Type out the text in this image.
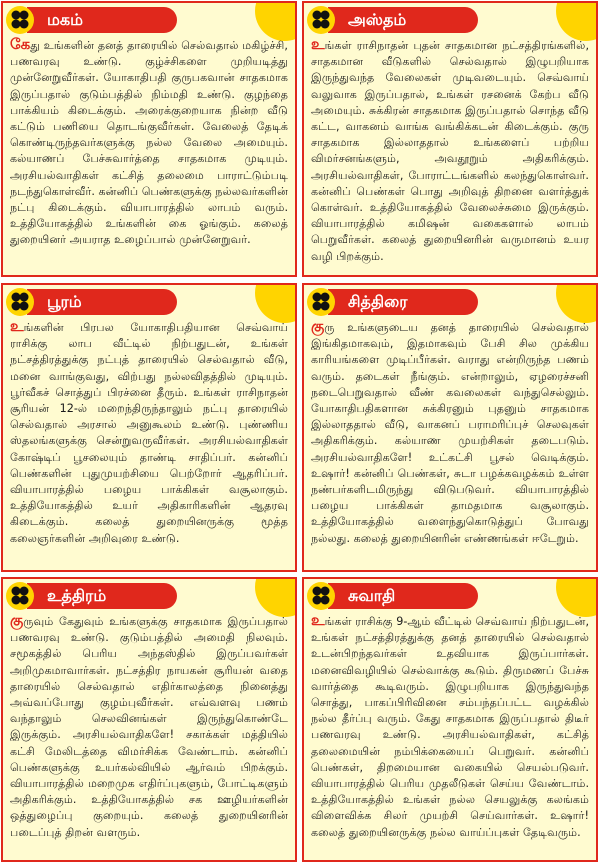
மகம்
கேது உங்களின் தனத் தாரையில் செல்வதால் மகிழ்ச்சி, பணவரவு உண்டு. குழ்ச்சிகளை முறியடித்து முன்னேறுவீர்கள். யோகாதிபதி குருபகவான் சாதகமாக இருப்பதால் குடும்பத்தில் நிம்மதி உண்டு. குழந்தை பாக்கியம் கிடைக்கும். அரைக்குறையாக நின்ற வீடு கட்டும் பணியை தொடங்குவீர்கள். வேலைத் தேடிக் கொண்டிருந்தவர்களுக்கு நல்ல வேலை அமையும். கல்யாணப் பேச்சுவார்த்தை சாதகமாக முடியும். அரசியல்வாதிகள் கட்சித் தலைமை பாராட்டும்படி நடந்துகொள்வீர். கன்னிப் பெண்களுக்கு நல்லவர்களின் நட்பு கிடைக்கும். வியாபாரத்தில் லாபம் வரும். உத்தியோகத்தில் உங்களின் கை ஓங்கும். கலைத் துறையினர் அயராத உழைப்பால் முன்னேறுவர்.
அஸ்தம்
உங்கள் ராசிநாதன் புதன் சாதகமான நட்சத்திரங்களில், சாதகமான வீடுகளில் செல்வதால் இழுபறியாக இருந்துவந்த வேலைகள் முடிவடையும். செவ்வாய் வலுவாக இருப்பதால், உங்கள் ரசனைக் கேற்ப வீடு அமையும். சுக்கிரன் சாதகமாக இருப்பதால் சொந்த வீடு கட்ட, வாகனம் வாங்க வங்கிக்கடன் கிடைக்கும். குரு சாதகமாக இல்லாததால் உங்களைப் பற்றிய விமர்சனங்களும், அவதூறும் அதிகரிக்கும். அரசியல்வாதிகள், போராட்டங்களில் கலந்துகொள்வர். கன்னிப் பெண்கள் பொது அறிவுத் திறனை வளர்த்துக் கொள்வர். உத்தியோகத்தில் வேலைச்சுமை இருக்கும். வியாபாரத்தில் கமிஷன் வகைகளால் லாபம் பெறுவீர்கள். கலைத் துறையினரின் வருமானம் உயர வழி பிறக்கும்.
பூரம்
உங்களின் பிரபல யோகாதிபதியான செவ்வாய் ராசிக்கு லாப வீட்டில் நிற்பதுடன், உங்கள் நட்சத்திரத்துக்கு நட்புத் தாரையில் செல்வதால் வீடு, மனை வாங்குவது, விற்பது நல்லவிதத்தில் முடியும். பூர்வீகச் சொத்துப் பிரச்னை தீரும். உங்கள் ராசிநாதன் சூரியன் 12-ல் மறைந்திருந்தாலும் நட்பு தாரையில் செல்வதால் அரசால் அனுகூலம் உண்டு. புண்ணிய ஸ்தலங்களுக்கு சென்றுவருவீர்கள். அரசியல்வாதிகள் கோஷ்டிப் பூசலையும் தாண்டி சாதிப்பர். கன்னிப் பெண்களின் புதுமுயற்சியை பெற்றோர் ஆதரிப்பர். வியாபாரத்தில் பழைய பாக்கிகள் வசூலாகும். உத்தியோகத்தில் உயர் அதிகாரிகளின் ஆதரவு கிடைக்கும். கலைத் துறையினருக்கு மூத்த கலைஞர்களின் அறிவுரை உண்டு.
சித்திரை
குரு உங்களுடைய தனத் தாரையில் செல்வதால் இங்கிதமாகவும், இதமாகவும் பேசி சில முக்கிய காரியங்களை முடிப்பீர்கள். வராது என்றிருந்த பணம் வரும். தடைகள் நீங்கும். என்றாலும், ஏழரைச்சனி நடைபெறுவதால் வீண் கவலைகள் வந்துசெல்லும். யோகாதிபதிகளான சுக்கிரனும் புதனும் சாதகமாக இல்லாததால் வீடு, வாகனப் பராமரிப்புச் செலவுகள் அதிகரிக்கும். கல்யாண முயற்சிகள் தடைபடும். அரசியல்வாதிகளே! உட்கட்சி பூசல் வெடிக்கும். உஷார்! கன்னிப் பெண்கள், சுடா பழக்கவழக்கம் உள்ள நண்பர்களிடமிருந்து விடுபடுவர். வியாபாரத்தில் பழைய பாக்கிகள் தாமதமாக வசூலாகும். உத்தியோகத்தில் வளைந்துகொடுத்துப் போவது நல்லது. கலைத் துறையினரின் எண்ணங்கள் ஈடேறும்.
உத்திரம்
குருவும் கேதுவும் உங்களுக்கு சாதகமாக இருப்பதால் பணவரவு உண்டு. குடும்பத்தில் அமைதி நிலவும். சமூகத்தில் பெரிய அந்தஸ்தில் இருப்பவர்கள் அறிமுகமாவார்கள். நட்சத்திர நாயகன் சூரியன் வதை தாரையில் செல்வதால் எதிர்காலத்தை நினைத்து அவ்வப்போது குழம்புவீர்கள். எவ்வளவு பணம் வந்தாலும் செலவினங்கள் இருந்துகொண்டே இருக்கும். அரசியல்வாதிகளே! சகாக்கள் மத்தியில் கட்சி மேலிடத்தை விமர்சிக்க வேண்டாம். கன்னிப் பெண்களுக்கு உயர்கல்வியில் ஆர்வம் பிறக்கும். வியாபாரத்தில் மறைமுக எதிர்ப்புகளும், போட்டிகளும் அதிகரிக்கும். உத்தியோகத்தில் சக ஊழியர்களின் ஒத்துழைப்பு குறையும். கலைத் துறையினரின் படைப்புத் திறன் வளரும்.
சுவாதி
உங்கள் ராசிக்கு 9-ஆம் வீட்டில் செவ்வாய் நிற்பதுடன், உங்கள் நட்சத்திரத்துக்கு தனத் தாரையில் செல்வதால் உடன்பிறந்தவர்கள் உதவியாக இருப்பார்கள். மனைவிவழியில் செல்வாக்கு கூடும். திருமணப் பேச்சு வார்த்தை கூடிவரும். இழுபறியாக இருந்துவந்த சொத்து, பாகப்பிரிவினை சம்பந்தப்பட்ட வழக்கில் நல்ல தீர்ப்பு வரும். கேது சாதகமாக இருப்பதால் திடீர் பணவரவு உண்டு. அரசியல்வாதிகள், கட்சித் தலைமையின் நம்பிக்கையைப் பெறுவர். கன்னிப் பெண்கள், திறமையான வகையில் செயல்படுவர். வியாபாரத்தில் பெரிய முதலீடுகள் செய்ய வேண்டாம். உத்தியோகத்தில் உங்கள் நல்ல செயலுக்கு கலங்கம் விளைவிக்க சிலர் முயற்சி செய்வார்கள். உஷார்! கலைத் துறையினருக்கு நல்ல வாய்ப்புகள் தேடிவரும்.
